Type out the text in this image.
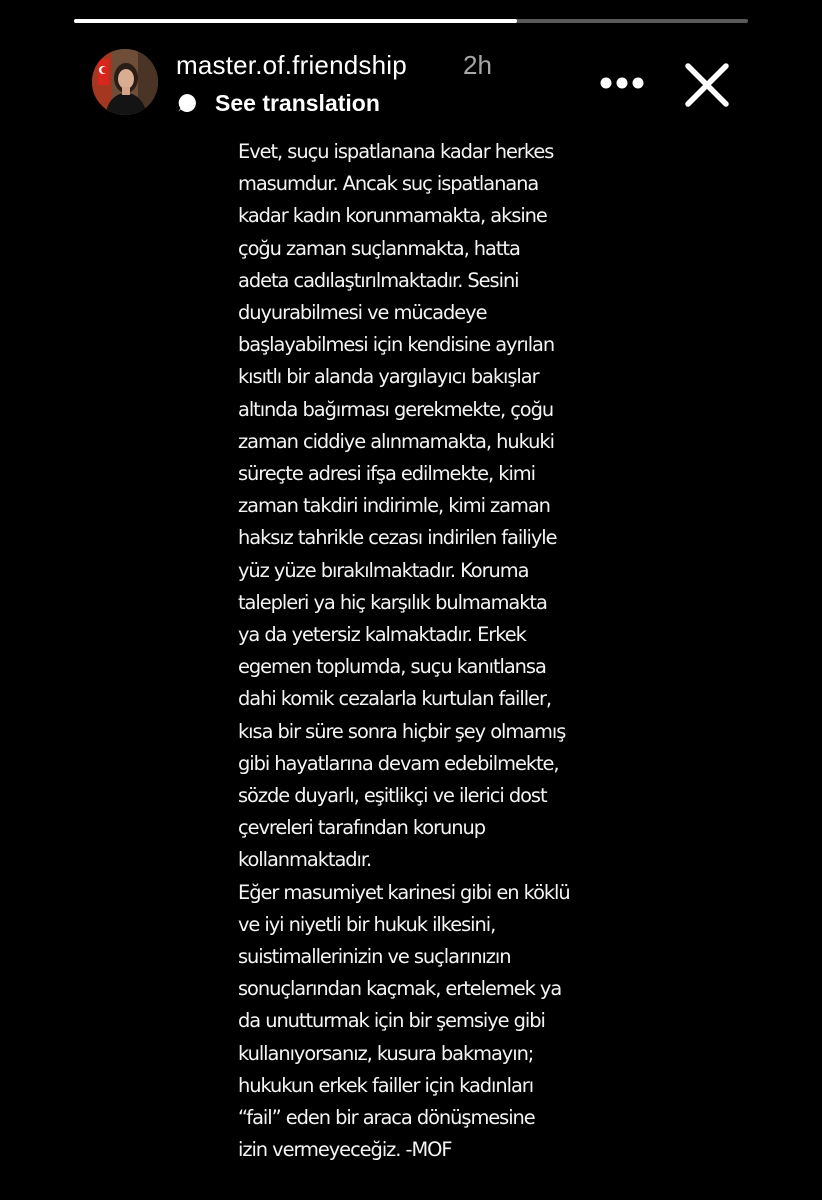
master.of.friendship 2h
See translation

Evet, suçu ispatlanana kadar herkes

masumdur. Ancak suç ispatlanana

kadar kadın korunmamakta, aksine

çoğu zaman suçlanmakta, hatta

adeta cadılaştırılmaktadır. Sesini

duyurabilmesi ve mücadeye

başlayabilmesi için kendisine ayrılan

kısıtlı bir alanda yargılayıcı bakışlar

altında bağırması gerekmekte, çoğu

zaman ciddiye alınmamakta, hukuki

süreçte adresi ifşa edilmekte, kimi

zaman takdiri indirimle, kimi zaman

haksız tahrikle cezası indirilen failiyle

yüz yüze bırakılmaktadır. Koruma

talepleri ya hiç karşılık bulmamakta

ya da yetersiz kalmaktadır. Erkek

egemen toplumda, suçu kanıtlansa

dahi komik cezalarla kurtulan failler,

kısa bir süre sonra hiçbir şey olmamış

gibi hayatlarına devam edebilmekte,

sözde duyarlı, eşitlikçi ve ilerici dost

çevreleri tarafından korunup

kollanmaktadır.

Eğer masumiyet karinesi gibi en köklü

ve iyi niyetli bir hukuk ilkesini,

suistimallerinizin ve suçlarınızın

sonuçlarından kaçmak, ertelemek ya

da unutturmak için bir şemsiye gibi

kullanıyorsanız, kusura bakmayın;

hukukun erkek failler için kadınları

“fail” eden bir araca dönüşmesine

izin vermeyeceğiz. -MOF
